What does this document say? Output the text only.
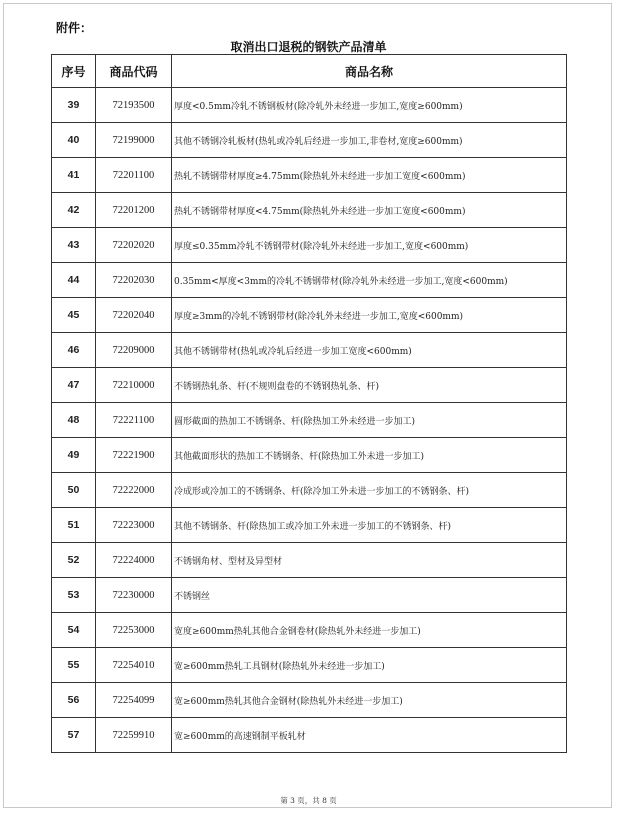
附件：
取消出口退税的钢铁产品清单
序号	商品代码	商品名称
39	72193500	厚度<0.5mm冷轧不锈钢板材(除冷轧外未经进一步加工,宽度≥600mm)
40	72199000	其他不锈钢冷轧板材(热轧或冷轧后经进一步加工,非卷材,宽度≥600mm)
41	72201100	热轧不锈钢带材厚度≥4.75mm(除热轧外未经进一步加工宽度<600mm)
42	72201200	热轧不锈钢带材厚度<4.75mm(除热轧外未经进一步加工宽度<600mm)
43	72202020	厚度≤0.35mm冷轧不锈钢带材(除冷轧外未经进一步加工,宽度<600mm)
44	72202030	0.35mm<厚度<3mm的冷轧不锈钢带材(除冷轧外未经进一步加工,宽度<600mm)
45	72202040	厚度≥3mm的冷轧不锈钢带材(除冷轧外未经进一步加工,宽度<600mm)
46	72209000	其他不锈钢带材(热轧或冷轧后经进一步加工宽度<600mm)
47	72210000	不锈钢热轧条、杆(不规则盘卷的不锈钢热轧条、杆)
48	72221100	圆形截面的热加工不锈钢条、杆(除热加工外未经进一步加工)
49	72221900	其他截面形状的热加工不锈钢条、杆(除热加工外未进一步加工)
50	72222000	冷成形或冷加工的不锈钢条、杆(除冷加工外未进一步加工的不锈钢条、杆)
51	72223000	其他不锈钢条、杆(除热加工或冷加工外未进一步加工的不锈钢条、杆)
52	72224000	不锈钢角材、型材及异型材
53	72230000	不锈钢丝
54	72253000	宽度≥600mm热轧其他合金钢卷材(除热轧外未经进一步加工)
55	72254010	宽≥600mm热轧工具钢材(除热轧外未经进一步加工)
56	72254099	宽≥600mm热轧其他合金钢材(除热轧外未经进一步加工)
57	72259910	宽≥600mm的高速钢制平板轧材
第 3 页，共 8 页
